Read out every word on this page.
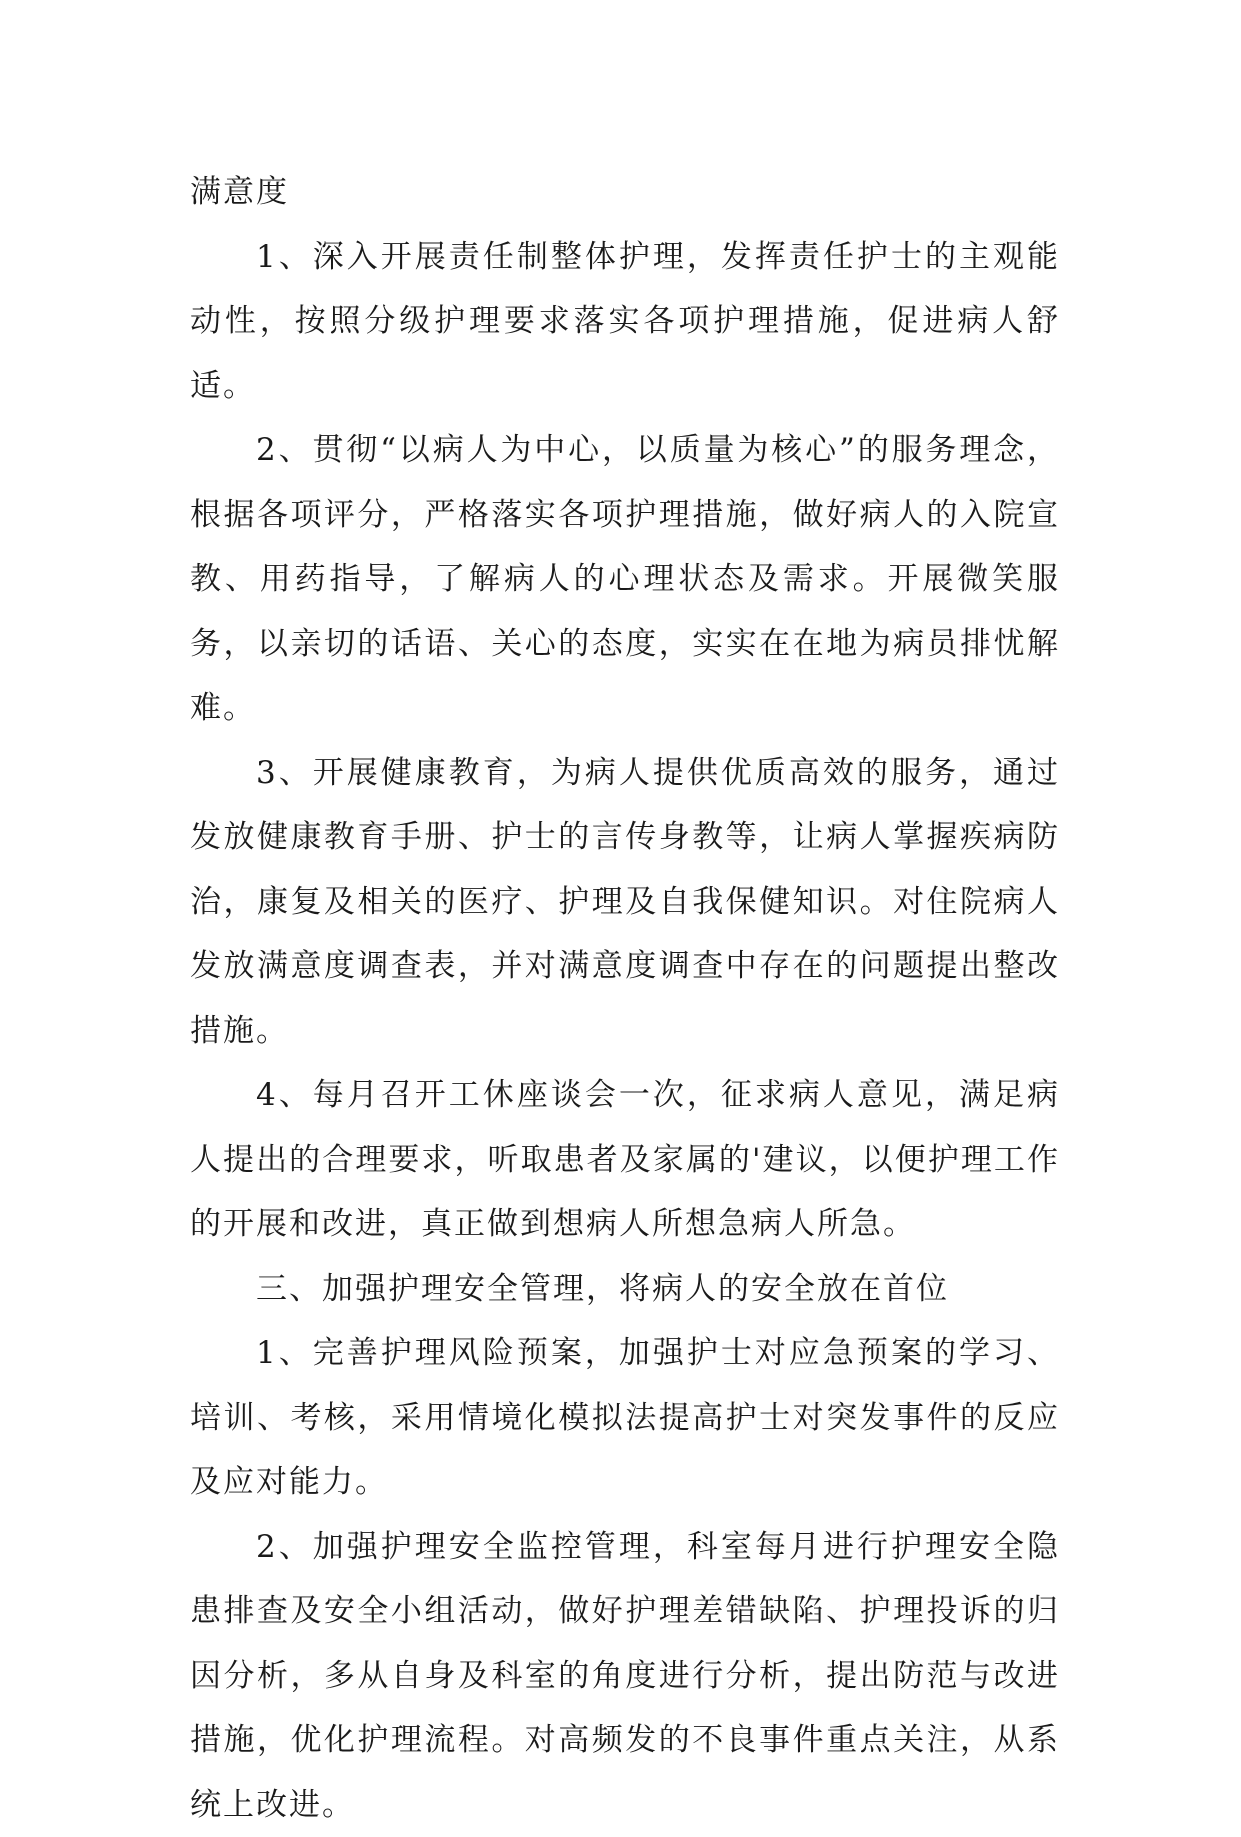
满意度

1、深入开展责任制整体护理，发挥责任护士的主观能动性，按照分级护理要求落实各项护理措施，促进病人舒适。

2、贯彻“以病人为中心，以质量为核心”的服务理念，根据各项评分，严格落实各项护理措施，做好病人的入院宣教、用药指导，了解病人的心理状态及需求。开展微笑服务，以亲切的话语、关心的态度，实实在在地为病员排忧解难。

3、开展健康教育，为病人提供优质高效的服务，通过发放健康教育手册、护士的言传身教等，让病人掌握疾病防治，康复及相关的医疗、护理及自我保健知识。对住院病人发放满意度调查表，并对满意度调查中存在的问题提出整改措施。

4、每月召开工休座谈会一次，征求病人意见，满足病人提出的合理要求，听取患者及家属的'建议，以便护理工作的开展和改进，真正做到想病人所想急病人所急。

三、加强护理安全管理，将病人的安全放在首位

1、完善护理风险预案，加强护士对应急预案的学习、培训、考核，采用情境化模拟法提高护士对突发事件的反应及应对能力。

2、加强护理安全监控管理，科室每月进行护理安全隐患排查及安全小组活动，做好护理差错缺陷、护理投诉的归因分析，多从自身及科室的角度进行分析，提出防范与改进措施，优化护理流程。对高频发的不良事件重点关注，从系统上改进。
